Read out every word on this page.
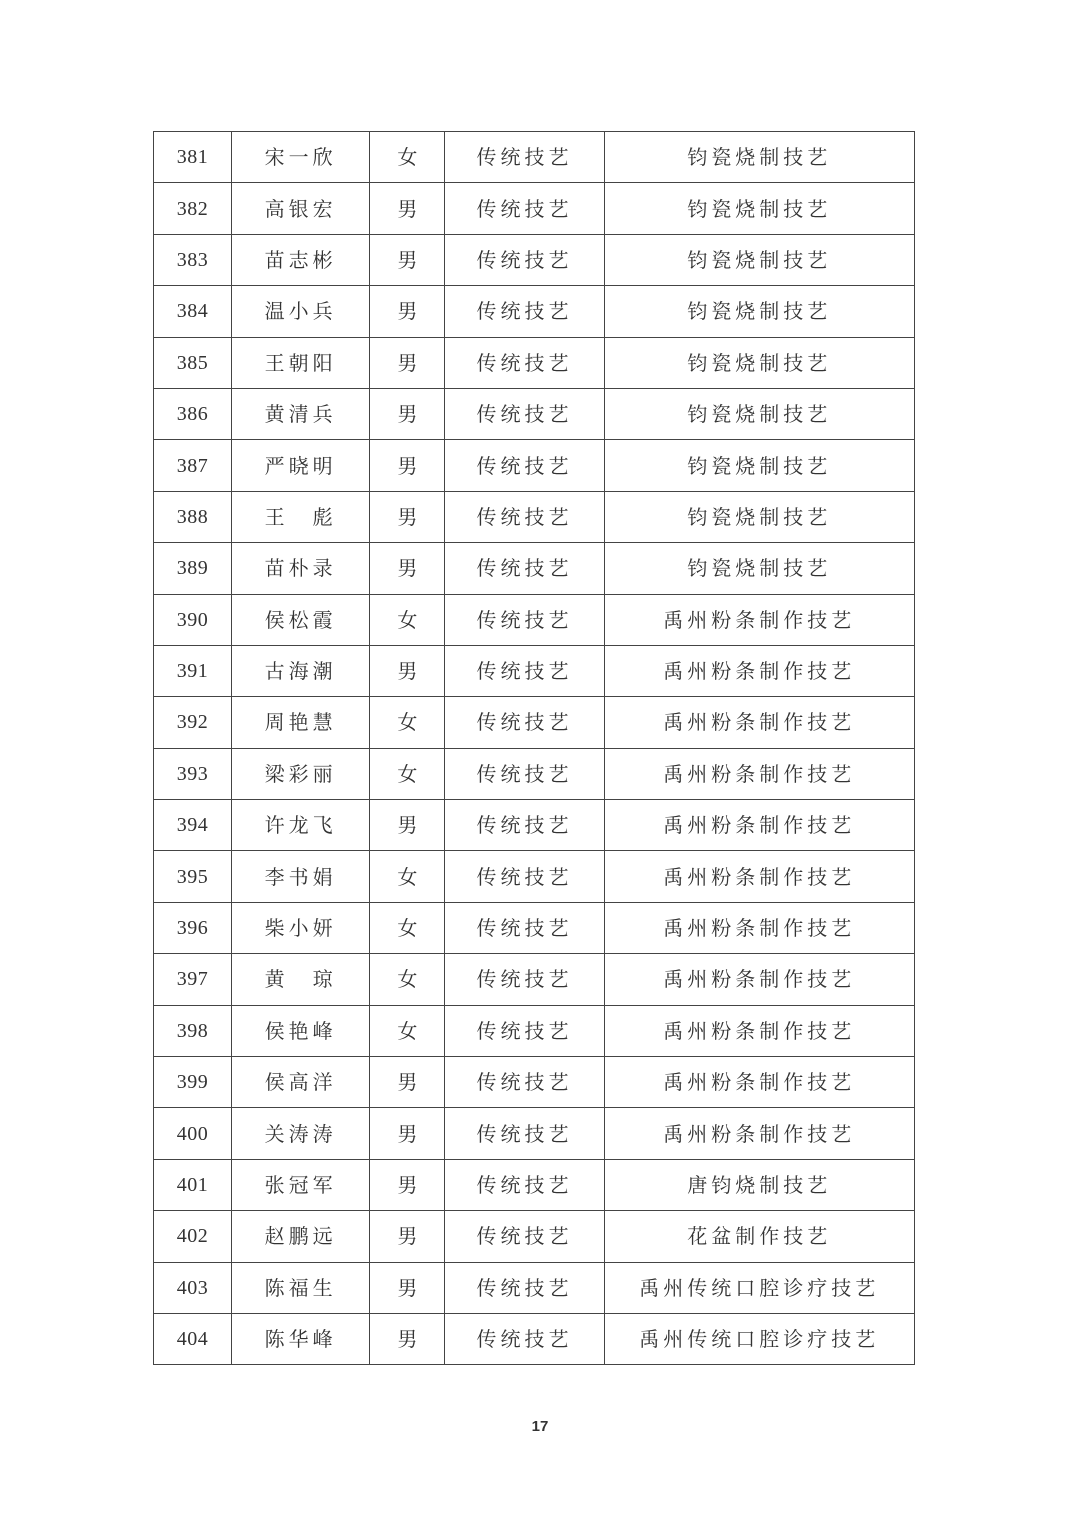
381	宋一欣	女	传统技艺	钧瓷烧制技艺
382	高银宏	男	传统技艺	钧瓷烧制技艺
383	苗志彬	男	传统技艺	钧瓷烧制技艺
384	温小兵	男	传统技艺	钧瓷烧制技艺
385	王朝阳	男	传统技艺	钧瓷烧制技艺
386	黄清兵	男	传统技艺	钧瓷烧制技艺
387	严晓明	男	传统技艺	钧瓷烧制技艺
388	王　彪	男	传统技艺	钧瓷烧制技艺
389	苗朴录	男	传统技艺	钧瓷烧制技艺
390	侯松霞	女	传统技艺	禹州粉条制作技艺
391	古海潮	男	传统技艺	禹州粉条制作技艺
392	周艳慧	女	传统技艺	禹州粉条制作技艺
393	梁彩丽	女	传统技艺	禹州粉条制作技艺
394	许龙飞	男	传统技艺	禹州粉条制作技艺
395	李书娟	女	传统技艺	禹州粉条制作技艺
396	柴小妍	女	传统技艺	禹州粉条制作技艺
397	黄　琼	女	传统技艺	禹州粉条制作技艺
398	侯艳峰	女	传统技艺	禹州粉条制作技艺
399	侯高洋	男	传统技艺	禹州粉条制作技艺
400	关涛涛	男	传统技艺	禹州粉条制作技艺
401	张冠军	男	传统技艺	唐钧烧制技艺
402	赵鹏远	男	传统技艺	花盆制作技艺
403	陈福生	男	传统技艺	禹州传统口腔诊疗技艺
404	陈华峰	男	传统技艺	禹州传统口腔诊疗技艺
17
